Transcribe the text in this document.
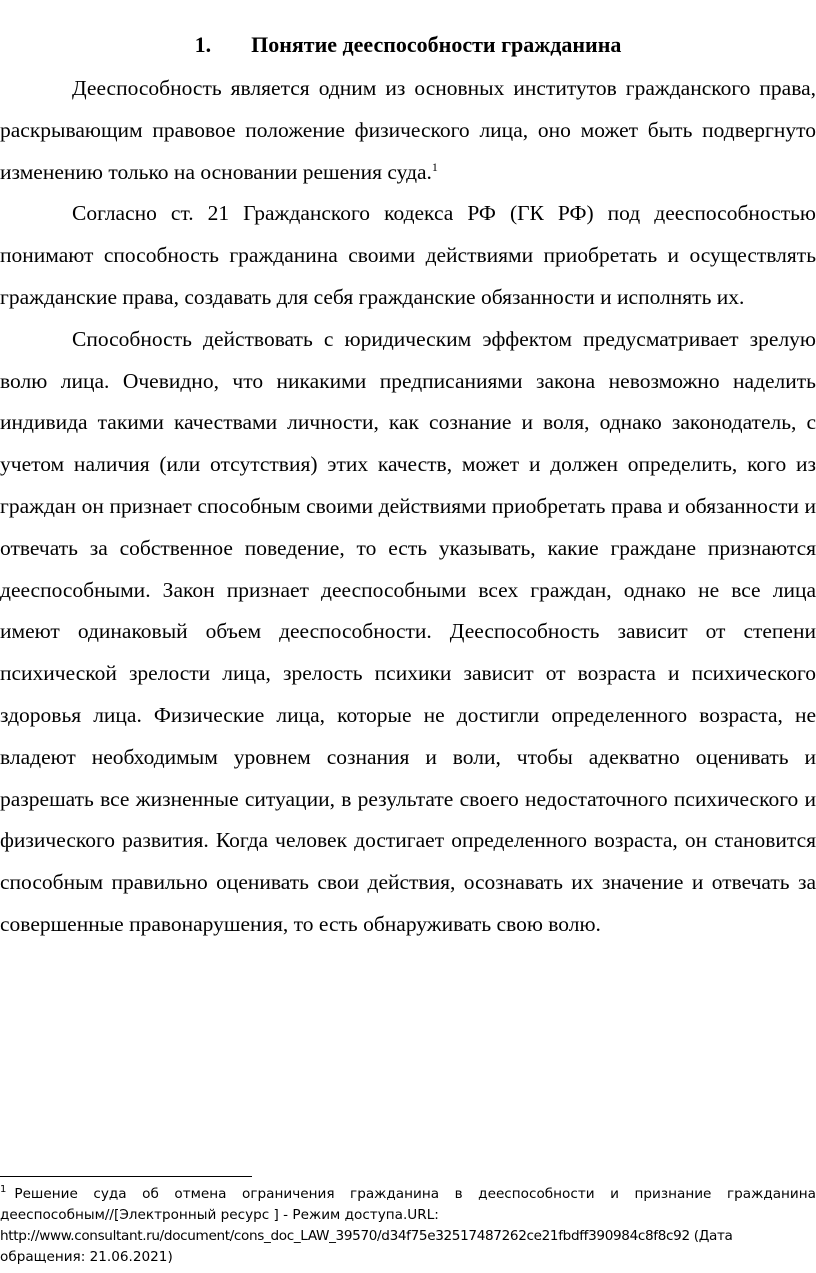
1. Понятие дееспособности гражданина

Дееспособность является одним из основных институтов гражданского права, раскрывающим правовое положение физического лица, оно может быть подвергнуто изменению только на основании решения суда.$^1$

Согласно ст. 21 Гражданского кодекса РФ (ГК РФ) под дееспособностью понимают способность гражданина своими действиями приобретать и осуществлять гражданские права, создавать для себя гражданские обязанности и исполнять их.

Способность действовать с юридическим эффектом предусматривает зрелую волю лица. Очевидно, что никакими предписаниями закона невозможно наделить индивида такими качествами личности, как сознание и воля, однако законодатель, с учетом наличия (или отсутствия) этих качеств, может и должен определить, кого из граждан он признает способным своими действиями приобретать права и обязанности и отвечать за собственное поведение, то есть указывать, какие граждане признаются дееспособными. Закон признает дееспособными всех граждан, однако не все лица имеют одинаковый объем дееспособности. Дееспособность зависит от степени психической зрелости лица, зрелость психики зависит от возраста и психического здоровья лица. Физические лица, которые не достигли определенного возраста, не владеют необходимым уровнем сознания и воли, чтобы адекватно оценивать и разрешать все жизненные ситуации, в результате своего недостаточного психического и физического развития. Когда человек достигает определенного возраста, он становится способным правильно оценивать свои действия, осознавать их значение и отвечать за совершенные правонарушения, то есть обнаруживать свою волю.

$^1$ Решение суда об отмена ограничения гражданина в дееспособности и признание гражданина дееспособным//[Электронный ресурс ] - Режим доступа.URL:
http://www.consultant.ru/document/cons_doc_LAW_39570/d34f75e32517487262ce21fbdff390984c8f8c92 (Дата
обращения: 21.06.2021)
